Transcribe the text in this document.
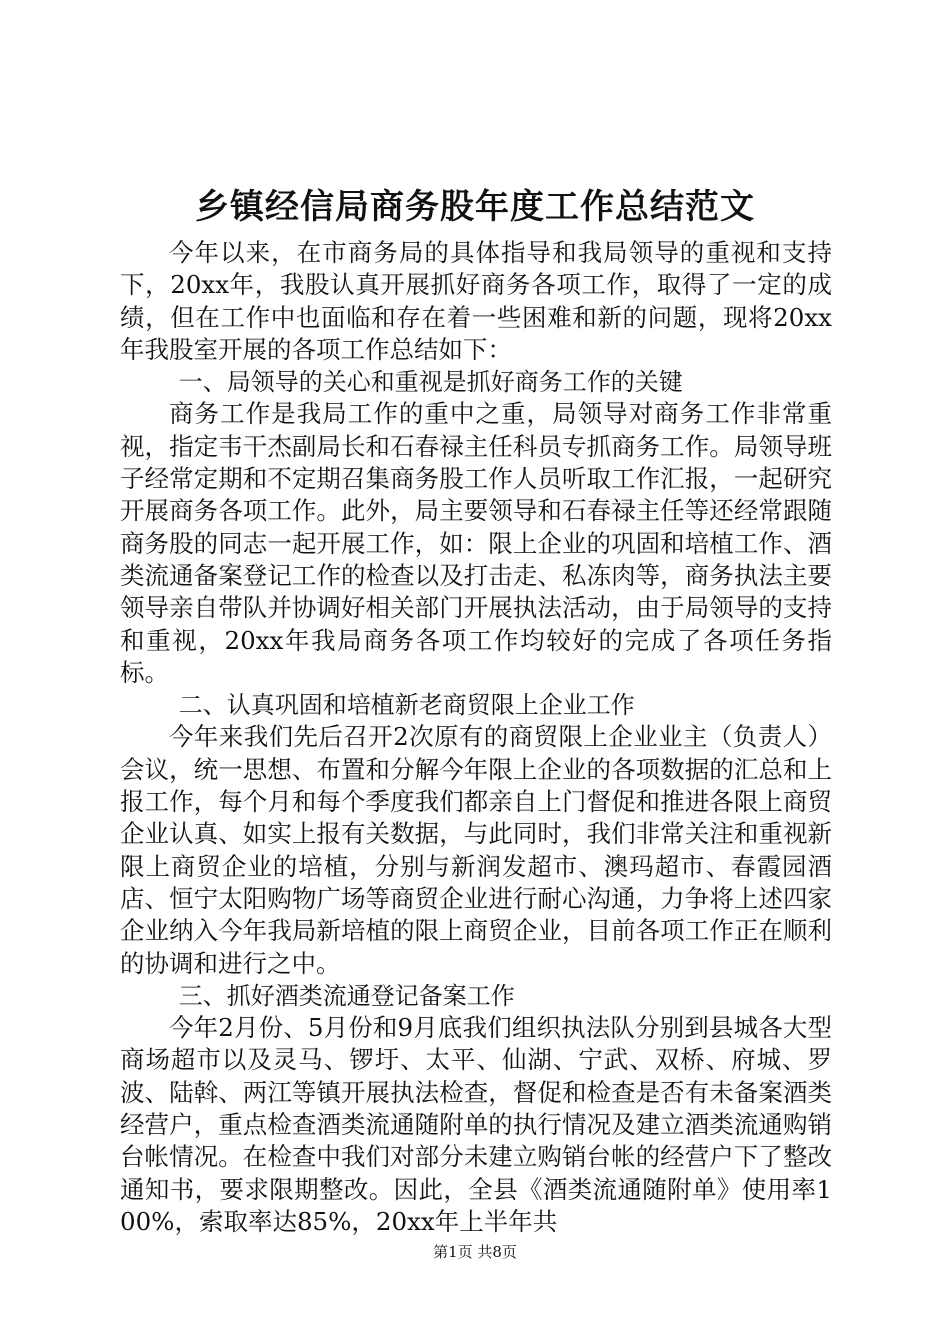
乡镇经信局商务股年度工作总结范文

今年以来，在市商务局的具体指导和我局领导的重视和支持下，20xx年，我股认真开展抓好商务各项工作，取得了一定的成绩，但在工作中也面临和存在着一些困难和新的问题，现将20xx年我股室开展的各项工作总结如下：

一、局领导的关心和重视是抓好商务工作的关键

商务工作是我局工作的重中之重，局领导对商务工作非常重视，指定韦干杰副局长和石春禄主任科员专抓商务工作。局领导班子经常定期和不定期召集商务股工作人员听取工作汇报，一起研究开展商务各项工作。此外，局主要领导和石春禄主任等还经常跟随商务股的同志一起开展工作，如：限上企业的巩固和培植工作、酒类流通备案登记工作的检查以及打击走、私冻肉等，商务执法主要领导亲自带队并协调好相关部门开展执法活动，由于局领导的支持和重视，20xx年我局商务各项工作均较好的完成了各项任务指标。

二、认真巩固和培植新老商贸限上企业工作

今年来我们先后召开2次原有的商贸限上企业业主（负责人）会议，统一思想、布置和分解今年限上企业的各项数据的汇总和上报工作，每个月和每个季度我们都亲自上门督促和推进各限上商贸企业认真、如实上报有关数据，与此同时，我们非常关注和重视新限上商贸企业的培植，分别与新润发超市、澳玛超市、春霞园酒店、恒宁太阳购物广场等商贸企业进行耐心沟通，力争将上述四家企业纳入今年我局新培植的限上商贸企业，目前各项工作正在顺利的协调和进行之中。

三、抓好酒类流通登记备案工作

今年2月份、5月份和9月底我们组织执法队分别到县城各大型商场超市以及灵马、锣圩、太平、仙湖、宁武、双桥、府城、罗波、陆斡、两江等镇开展执法检查，督促和检查是否有未备案酒类经营户，重点检查酒类流通随附单的执行情况及建立酒类流通购销台帐情况。在检查中我们对部分未建立购销台帐的经营户下了整改通知书，要求限期整改。因此，全县《酒类流通随附单》使用率100%，索取率达85%，20xx年上半年共

第1页 共8页
